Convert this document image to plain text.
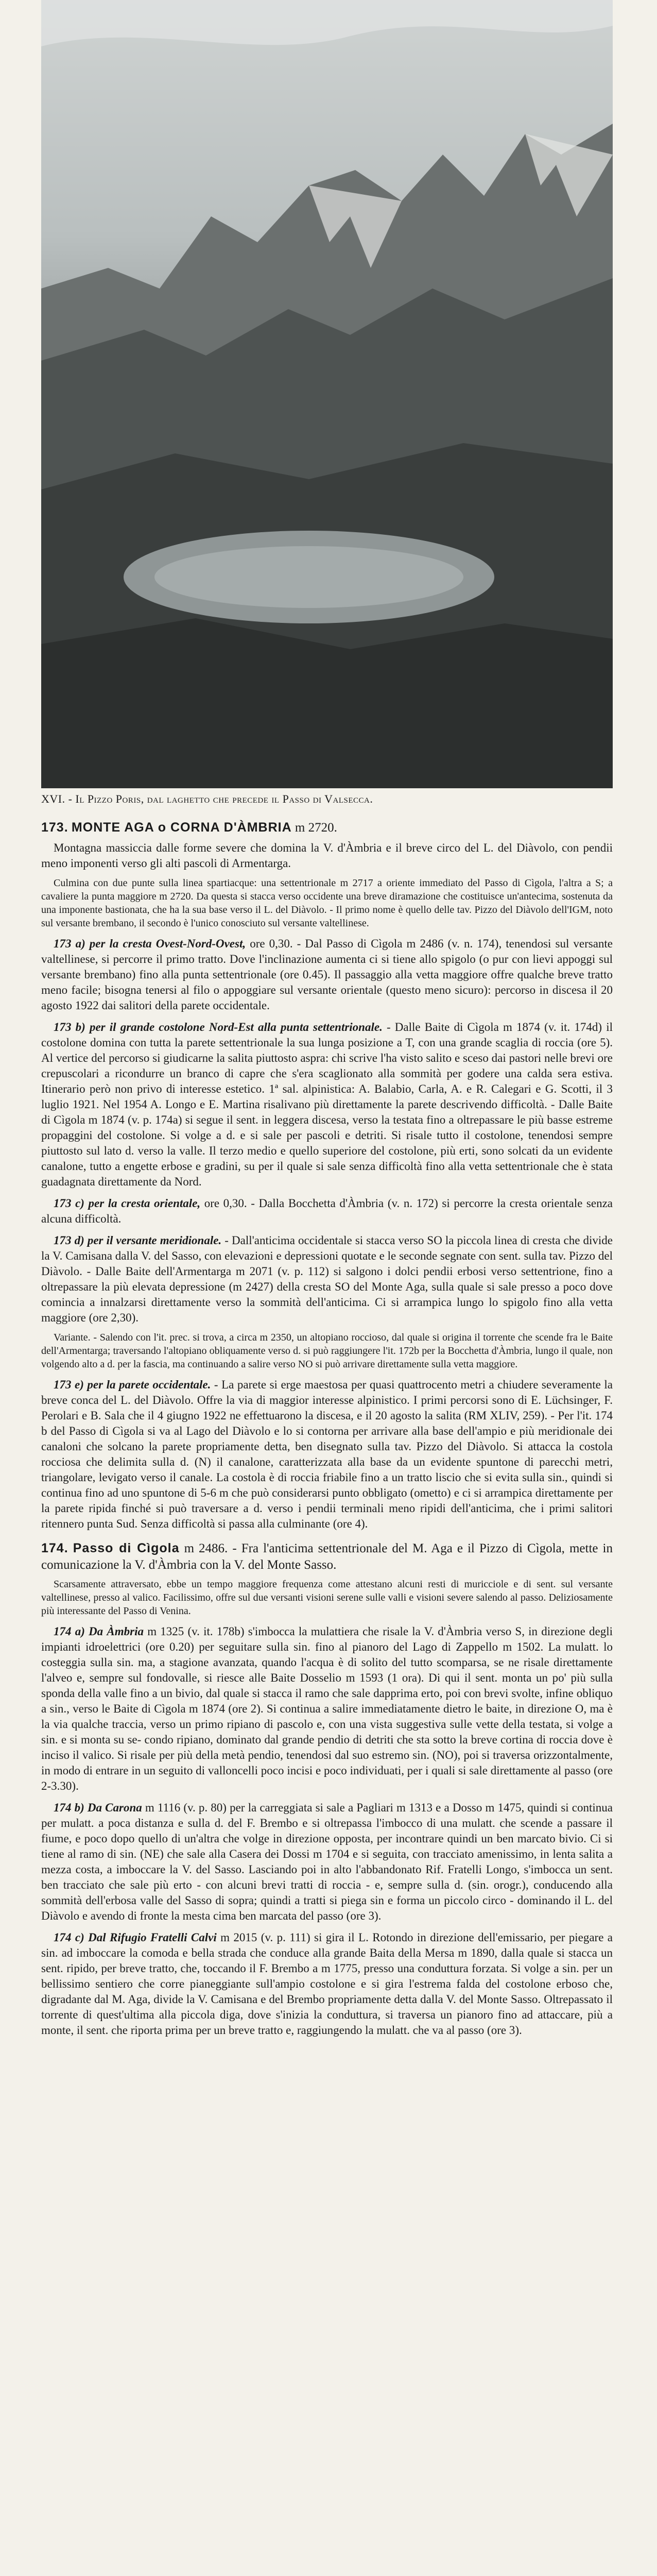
XVI. - Il Pizzo Poris, dal laghetto che precede il Passo di Valsecca.
173. MONTE AGA o CORNA D'ÀMBRIA m 2720.

Montagna massiccia dalle forme severe che domina la V. d'Àmbria e il breve circo del L. del Diàvolo, con pendii meno imponenti verso gli alti pascoli di Armentarga.

Culmina con due punte sulla linea spartiacque: una settentrionale m 2717 a oriente immediato del Passo di Cìgola, l'altra a S; a cavaliere la punta maggiore m 2720. Da questa si stacca verso occidente una breve diramazione che costituisce un'antecima, sostenuta da una imponente bastionata, che ha la sua base verso il L. del Diàvolo. - Il primo nome è quello delle tav. Pizzo del Diàvolo dell'IGM, noto sul versante brembano, il secondo è l'unico conosciuto sul versante valtellinese.

173 a) per la cresta Ovest-Nord-Ovest, ore 0,30. - Dal Passo di Cìgola m 2486 (v. n. 174), tenendosi sul versante valtellinese, si percorre il primo tratto. Dove l'inclinazione aumenta ci si tiene allo spigolo (o pur con lievi appoggi sul versante brembano) fino alla punta settentrionale (ore 0.45). Il passaggio alla vetta maggiore offre qualche breve tratto meno facile; bisogna tenersi al filo o appoggiare sul versante orientale (questo meno sicuro): percorso in discesa il 20 agosto 1922 dai salitori della parete occidentale.

173 b) per il grande costolone Nord-Est alla punta settentrionale. - Dalle Baite di Cìgola m 1874 (v. it. 174d) il costolone domina con tutta la parete settentrionale la sua lunga posizione a T, con una grande scaglia di roccia (ore 5). Al vertice del percorso si giudicarne la salita piuttosto aspra: chi scrive l'ha visto salito e sceso dai pastori nelle brevi ore crepuscolari a ricondurre un branco di capre che s'era scaglionato alla sommità per godere una calda sera estiva. Itinerario però non privo di interesse estetico. 1ª sal. alpinistica: A. Balabio, Carla, A. e R. Calegari e G. Scotti, il 3 luglio 1921. Nel 1954 A. Longo e E. Martina risalivano più direttamente la parete descrivendo difficoltà. - Dalle Baite di Cìgola m 1874 (v. p. 174a) si segue il sent. in leggera discesa, verso la testata fino a oltrepassare le più basse estreme propaggini del costolone. Si volge a d. e si sale per pascoli e detriti. Si risale tutto il costolone, tenendosi sempre piuttosto sul lato d. verso la valle. Il terzo medio e quello superiore del costolone, più erti, sono solcati da un evidente canalone, tutto a engette erbose e gradini, su per il quale si sale senza difficoltà fino alla vetta settentrionale che è stata guadagnata direttamente da Nord.

173 c) per la cresta orientale, ore 0,30. - Dalla Bocchetta d'Àmbria (v. n. 172) si percorre la cresta orientale senza alcuna difficoltà.

173 d) per il versante meridionale. - Dall'anticima occidentale si stacca verso SO la piccola linea di cresta che divide la V. Camisana dalla V. del Sasso, con elevazioni e depressioni quotate e le seconde segnate con sent. sulla tav. Pizzo del Diàvolo. - Dalle Baite dell'Armentarga m 2071 (v. p. 112) si salgono i dolci pendii erbosi verso settentrione, fino a oltrepassare la più elevata depressione (m 2427) della cresta SO del Monte Aga, sulla quale si sale presso a poco dove comincia a innalzarsi direttamente verso la sommità dell'anticima. Ci si arrampica lungo lo spigolo fino alla vetta maggiore (ore 2,30).

Variante. - Salendo con l'it. prec. si trova, a circa m 2350, un altopiano roccioso, dal quale si origina il torrente che scende fra le Baite dell'Armentarga; traversando l'altopiano obliquamente verso d. si può raggiungere l'it. 172b per la Bocchetta d'Àmbria, lungo il quale, non volgendo alto a d. per la fascia, ma continuando a salire verso NO si può arrivare direttamente sulla vetta maggiore.

173 e) per la parete occidentale. - La parete si erge maestosa per quasi quattrocento metri a chiudere severamente la breve conca del L. del Diàvolo. Offre la via di maggior interesse alpinistico. I primi percorsi sono di E. Lüchsinger, F. Perolari e B. Sala che il 4 giugno 1922 ne effettuarono la discesa, e il 20 agosto la salita (RM XLIV, 259). - Per l'it. 174 b del Passo di Cìgola si va al Lago del Diàvolo e lo si contorna per arrivare alla base dell'ampio e più meridionale dei canaloni che solcano la parete propriamente detta, ben disegnato sulla tav. Pizzo del Diàvolo. Si attacca la costola rocciosa che delimita sulla d. (N) il canalone, caratterizzata alla base da un evidente spuntone di parecchi metri, triangolare, levigato verso il canale. La costola è di roccia friabile fino a un tratto liscio che si evita sulla sin., quindi si continua fino ad uno spuntone di 5-6 m che può considerarsi punto obbligato (ometto) e ci si arrampica direttamente per la parete ripida finché si può traversare a d. verso i pendii terminali meno ripidi dell'anticima, che i primi salitori ritennero punta Sud. Senza difficoltà si passa alla culminante (ore 4).

174. Passo di Cìgola m 2486. - Fra l'anticima settentrionale del M. Aga e il Pizzo di Cìgola, mette in comunicazione la V. d'Àmbria con la V. del Monte Sasso.

Scarsamente attraversato, ebbe un tempo maggiore frequenza come attestano alcuni resti di muricciole e di sent. sul versante valtellinese, presso al valico. Facilissimo, offre sul due versanti visioni serene sulle valli e visioni severe salendo al passo. Deliziosamente più interessante del Passo di Venina.

174 a) Da Àmbria m 1325 (v. it. 178b) s'imbocca la mulattiera che risale la V. d'Àmbria verso S, in direzione degli impianti idroelettrici (ore 0.20) per seguitare sulla sin. fino al pianoro del Lago di Zappello m 1502. La mulatt. lo costeggia sulla sin. ma, a stagione avanzata, quando l'acqua è di solito del tutto scomparsa, se ne risale direttamente l'alveo e, sempre sul fondovalle, si riesce alle Baite Dosselio m 1593 (1 ora). Di qui il sent. monta un po' più sulla sponda della valle fino a un bivio, dal quale si stacca il ramo che sale dapprima erto, poi con brevi svolte, infine obliquo a sin., verso le Baite di Cìgola m 1874 (ore 2). Si continua a salire immediatamente dietro le baite, in direzione O, ma è la via qualche traccia, verso un primo ripiano di pascolo e, con una vista suggestiva sulle vette della testata, si volge a sin. e si monta su se- condo ripiano, dominato dal grande pendio di detriti che sta sotto la breve cortina di roccia dove è inciso il valico. Si risale per più della metà pendio, tenendosi dal suo estremo sin. (NO), poi si traversa orizzontalmente, in modo di entrare in un seguito di valloncelli poco incisi e poco individuati, per i quali si sale direttamente al passo (ore 2-3.30).

174 b) Da Carona m 1116 (v. p. 80) per la carreggiata si sale a Pagliari m 1313 e a Dosso m 1475, quindi si continua per mulatt. a poca distanza e sulla d. del F. Brembo e si oltrepassa l'imbocco di una mulatt. che scende a passare il fiume, e poco dopo quello di un'altra che volge in direzione opposta, per incontrare quindi un ben marcato bivio. Ci si tiene al ramo di sin. (NE) che sale alla Casera dei Dossi m 1704 e si seguita, con tracciato amenissimo, in lenta salita a mezza costa, a imboccare la V. del Sasso. Lasciando poi in alto l'abbandonato Rif. Fratelli Longo, s'imbocca un sent. ben tracciato che sale più erto - con alcuni brevi tratti di roccia - e, sempre sulla d. (sin. orogr.), conducendo alla sommità dell'erbosa valle del Sasso di sopra; quindi a tratti si piega sin e forma un piccolo circo - dominando il L. del Diàvolo e avendo di fronte la mesta cima ben marcata del passo (ore 3).

174 c) Dal Rifugio Fratelli Calvi m 2015 (v. p. 111) si gira il L. Rotondo in direzione dell'emissario, per piegare a sin. ad imboccare la comoda e bella strada che conduce alla grande Baita della Mersa m 1890, dalla quale si stacca un sent. ripido, per breve tratto, che, toccando il F. Brembo a m 1775, presso una conduttura forzata. Si volge a sin. per un bellissimo sentiero che corre pianeggiante sull'ampio costolone e si gira l'estrema falda del costolone erboso che, digradante dal M. Aga, divide la V. Camisana e del Brembo propriamente detta dalla V. del Monte Sasso. Oltrepassato il torrente di quest'ultima alla piccola diga, dove s'inizia la conduttura, si traversa un pianoro fino ad attaccare, più a monte, il sent. che riporta prima per un breve tratto e, raggiungendo la mulatt. che va al passo (ore 3).
